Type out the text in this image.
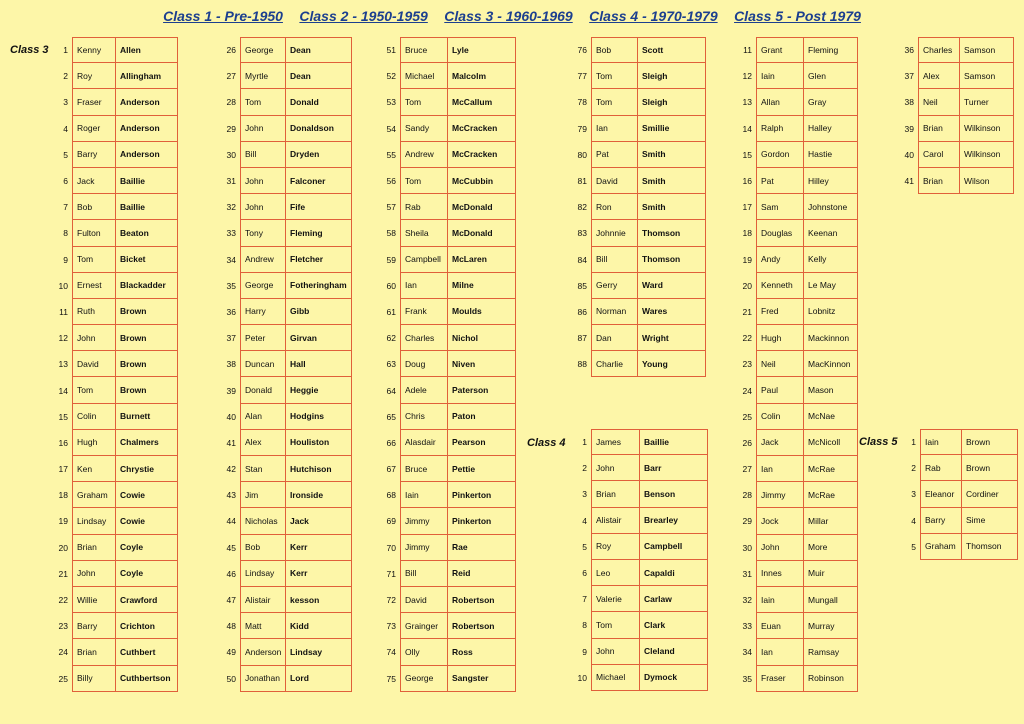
Class 1 - Pre-1950 Class 2 - 1950-1959 Class 3 - 1960-1969 Class 4 - 1970-1979 Class 5 - Post 1979
Class 3
Class 4	Class 5
1	Kenny	Allen
2	Roy	Allingham
3	Fraser	Anderson
4	Roger	Anderson
5	Barry	Anderson
6	Jack	Baillie
7	Bob	Baillie
8	Fulton	Beaton
9	Tom	Bicket
10	Ernest	Blackadder
11	Ruth	Brown
12	John	Brown
13	David	Brown
14	Tom	Brown
15	Colin	Burnett
16	Hugh	Chalmers
17	Ken	Chrystie
18	Graham	Cowie
19	Lindsay	Cowie
20	Brian	Coyle
21	John	Coyle
22	Willie	Crawford
23	Barry	Crichton
24	Brian	Cuthbert
25	Billy	Cuthbertson
26	George	Dean
27	Myrtle	Dean
28	Tom	Donald
29	John	Donaldson
30	Bill	Dryden
31	John	Falconer
32	John	Fife
33	Tony	Fleming
34	Andrew	Fletcher
35	George	Fotheringham
36	Harry	Gibb
37	Peter	Girvan
38	Duncan	Hall
39	Donald	Heggie
40	Alan	Hodgins
41	Alex	Houliston
42	Stan	Hutchison
43	Jim	Ironside
44	Nicholas	Jack
45	Bob	Kerr
46	Lindsay	Kerr
47	Alistair	kesson
48	Matt	Kidd
49	Anderson	Lindsay
50	Jonathan	Lord
51	Bruce	Lyle
52	Michael	Malcolm
53	Tom	McCallum
54	Sandy	McCracken
55	Andrew	McCracken
56	Tom	McCubbin
57	Rab	McDonald
58	Sheila	McDonald
59	Campbell	McLaren
60	Ian	Milne
61	Frank	Moulds
62	Charles	Nichol
63	Doug	Niven
64	Adele	Paterson
65	Chris	Paton
66	Alasdair	Pearson
67	Bruce	Pettie
68	Iain	Pinkerton
69	Jimmy	Pinkerton
70	Jimmy	Rae
71	Bill	Reid
72	David	Robertson
73	Grainger	Robertson
74	Olly	Ross
75	George	Sangster
76	Bob	Scott
77	Tom	Sleigh
78	Tom	Sleigh
79	Ian	Smillie
80	Pat	Smith
81	David	Smith
82	Ron	Smith
83	Johnnie	Thomson
84	Bill	Thomson
85	Gerry	Ward
86	Norman	Wares
87	Dan	Wright
88	Charlie	Young
1	James	Baillie
2	John	Barr
3	Brian	Benson
4	Alistair	Brearley
5	Roy	Campbell
6	Leo	Capaldi
7	Valerie	Carlaw
8	Tom	Clark
9	John	Cleland
10	Michael	Dymock
11	Grant	Fleming
12	Iain	Glen
13	Allan	Gray
14	Ralph	Halley
15	Gordon	Hastie
16	Pat	Hilley
17	Sam	Johnstone
18	Douglas	Keenan
19	Andy	Kelly
20	Kenneth	Le May
21	Fred	Lobnitz
22	Hugh	Mackinnon
23	Neil	MacKinnon
24	Paul	Mason
25	Colin	McNae
26	Jack	McNicoll
27	Ian	McRae
28	Jimmy	McRae
29	Jock	Millar
30	John	More
31	Innes	Muir
32	Iain	Mungall
33	Euan	Murray
34	Ian	Ramsay
35	Fraser	Robinson
36	Charles	Samson
37	Alex	Samson
38	Neil	Turner
39	Brian	Wilkinson
40	Carol	Wilkinson
41	Brian	Wilson
1	Iain	Brown
2	Rab	Brown
3	Eleanor	Cordiner
4	Barry	Sime
5	Graham	Thomson
